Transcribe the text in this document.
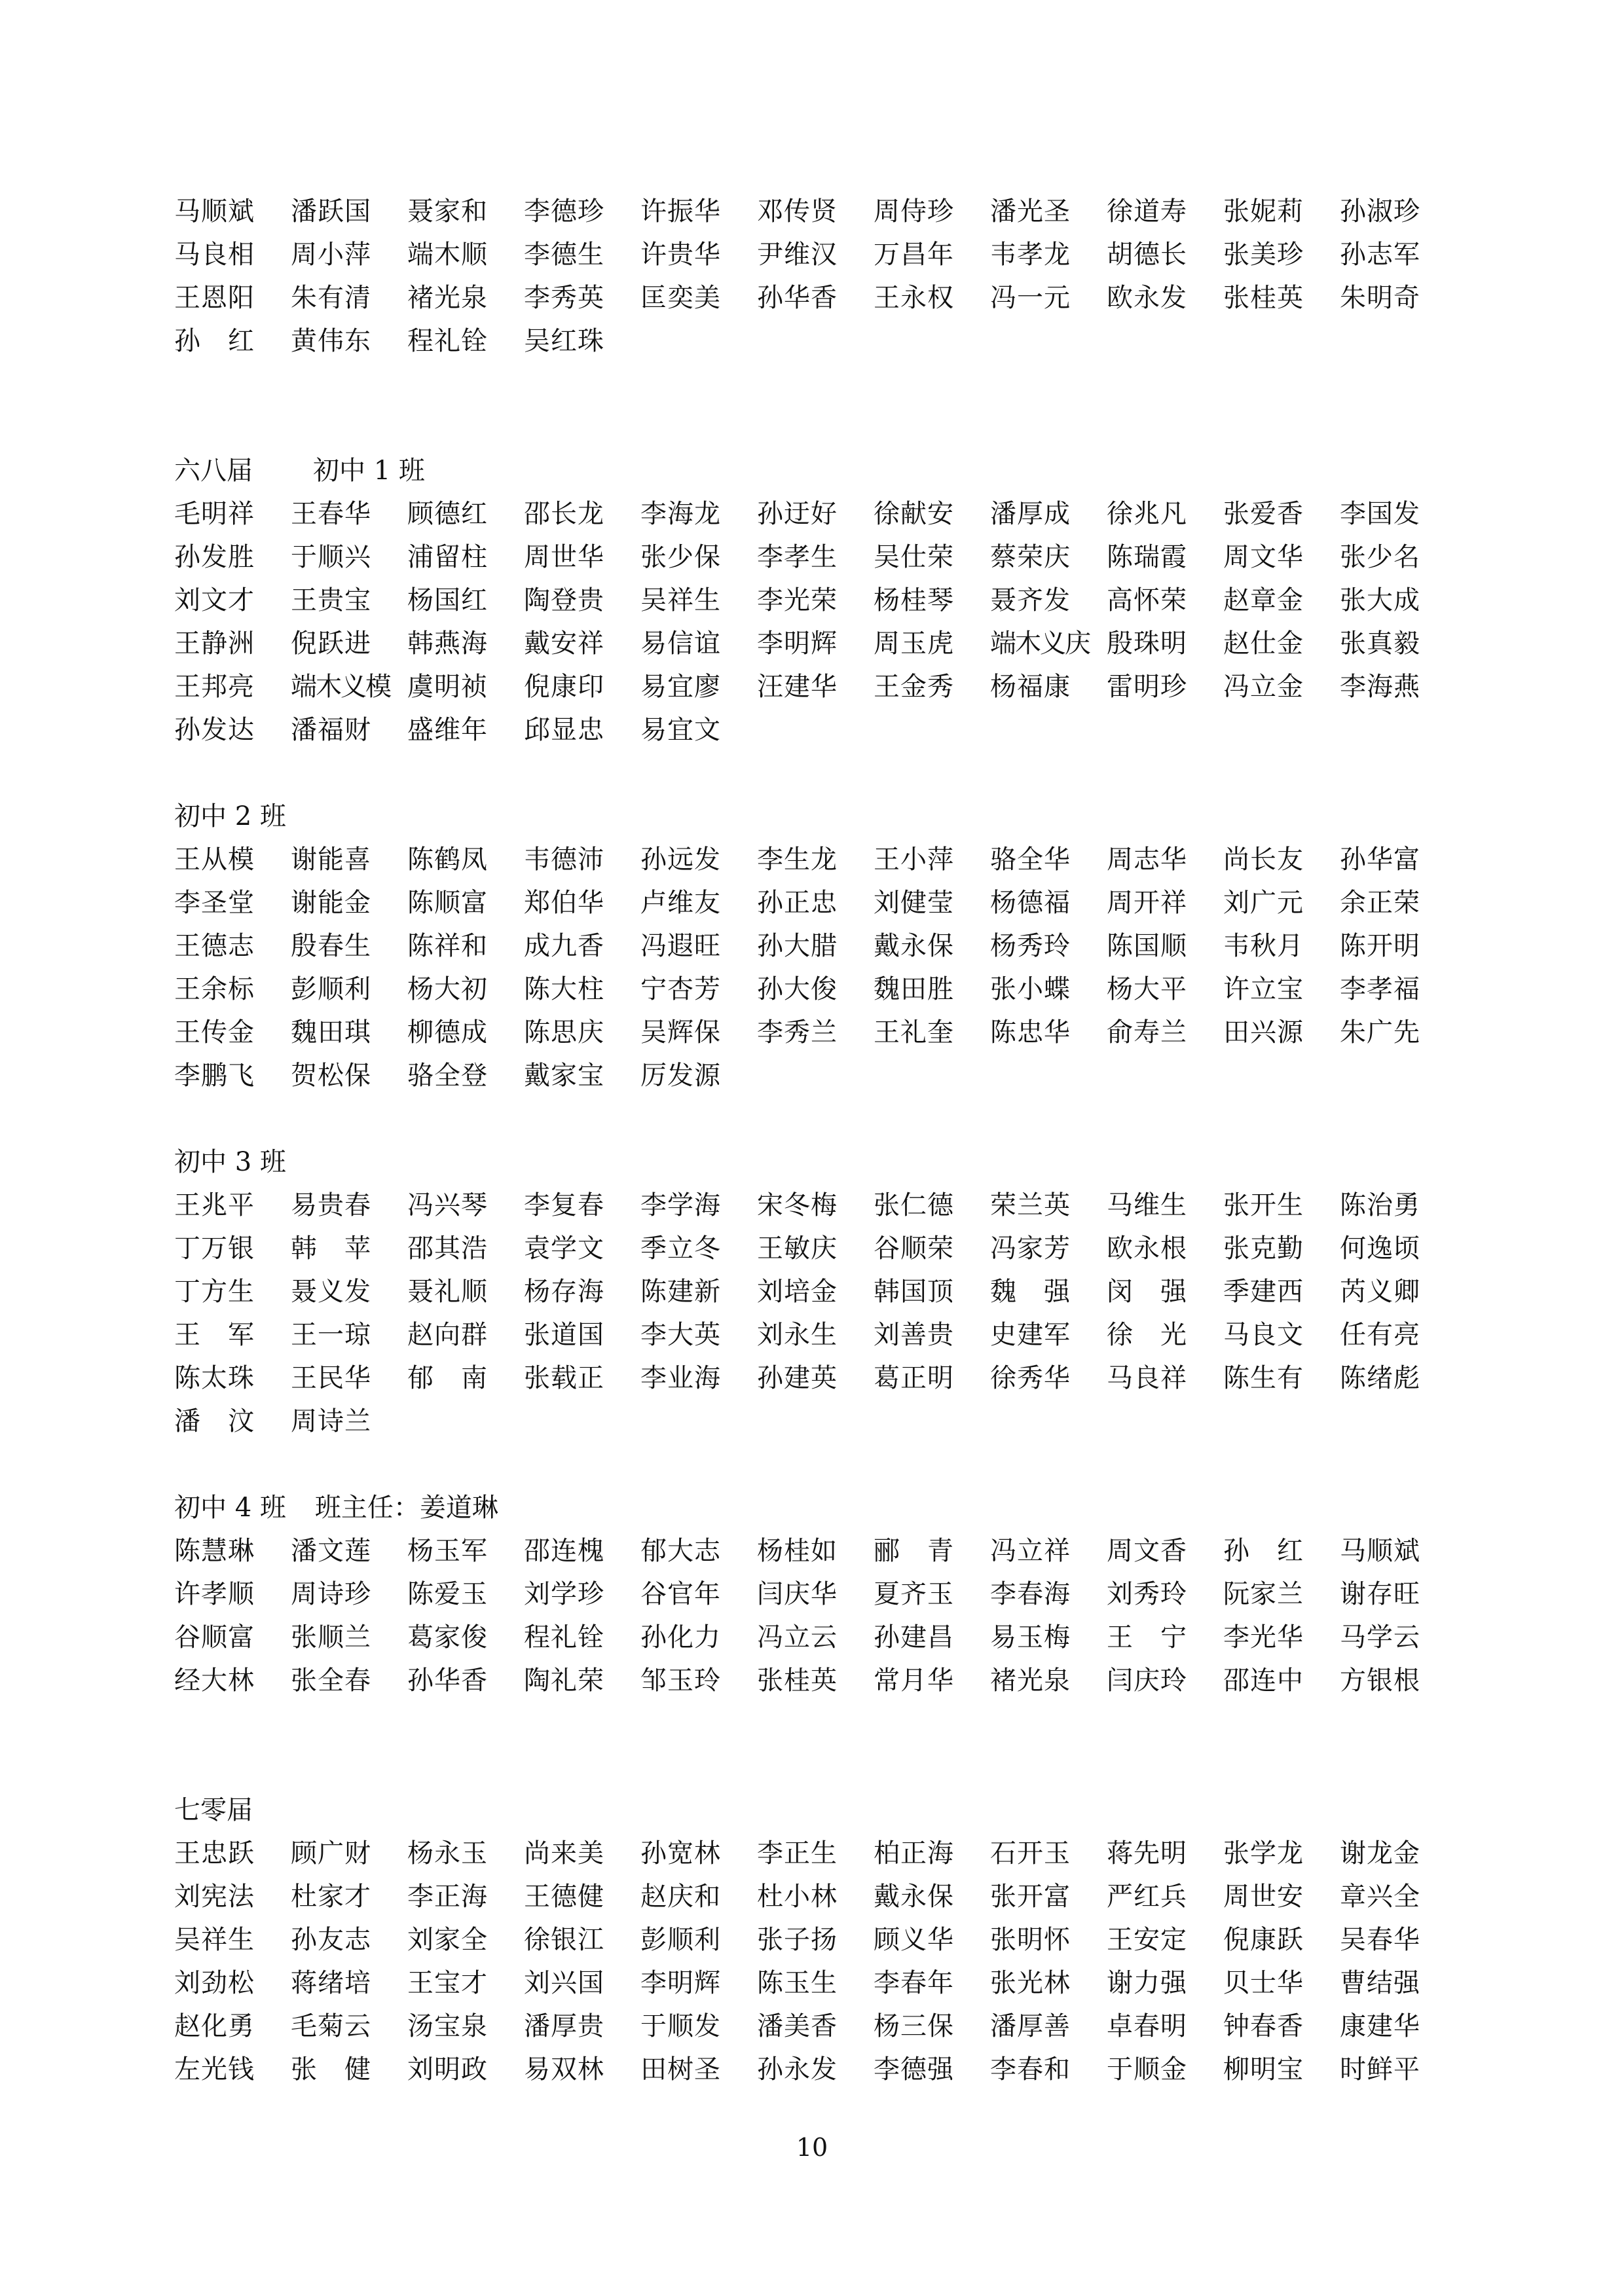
马顺斌	潘跃国	聂家和	李德珍	许振华	邓传贤	周侍珍	潘光圣	徐道寿	张妮莉	孙淑珍
马良相	周小萍	端木顺	李德生	许贵华	尹维汉	万昌年	韦孝龙	胡德长	张美珍	孙志军
王恩阳	朱有清	褚光泉	李秀英	匡奕美	孙华香	王永权	冯一元	欧永发	张桂英	朱明奇
孙　红	黄伟东	程礼铨	吴红珠
六八届 初中 1 班
毛明祥	王春华	顾德红	邵长龙	李海龙	孙迂好	徐献安	潘厚成	徐兆凡	张爱香	李国发
孙发胜	于顺兴	浦留柱	周世华	张少保	李孝生	吴仕荣	蔡荣庆	陈瑞霞	周文华	张少名
刘文才	王贵宝	杨国红	陶登贵	吴祥生	李光荣	杨桂琴	聂齐发	高怀荣	赵章金	张大成
王静洲	倪跃进	韩燕海	戴安祥	易信谊	李明辉	周玉虎	端木义庆 殷珠明	赵仕金	张真毅
王邦亮	端木义模 虞明祯	倪康印	易宜廖	汪建华	王金秀	杨福康	雷明珍	冯立金	李海燕
孙发达	潘福财	盛维年	邱显忠	易宜文
初中 2 班
王从模	谢能喜	陈鹤凤	韦德沛	孙远发	李生龙	王小萍	骆全华	周志华	尚长友	孙华富
李圣堂	谢能金	陈顺富	郑伯华	卢维友	孙正忠	刘健莹	杨德福	周开祥	刘广元	余正荣
王德志	殷春生	陈祥和	成九香	冯遐旺	孙大腊	戴永保	杨秀玲	陈国顺	韦秋月	陈开明
王余标	彭顺利	杨大初	陈大柱	宁杏芳	孙大俊	魏田胜	张小蝶	杨大平	许立宝	李孝福
王传金	魏田琪	柳德成	陈思庆	吴辉保	李秀兰	王礼奎	陈忠华	俞寿兰	田兴源	朱广先
李鹏飞	贺松保	骆全登	戴家宝	厉发源
初中 3 班
王兆平	易贵春	冯兴琴	李复春	李学海	宋冬梅	张仁德	荣兰英	马维生	张开生	陈治勇
丁万银	韩　苹	邵其浩	袁学文	季立冬	王敏庆	谷顺荣	冯家芳	欧永根	张克勤	何逸顷
丁方生	聂义发	聂礼顺	杨存海	陈建新	刘培金	韩国顶	魏　强	闵　强	季建西	芮义卿
王　军	王一琼	赵向群	张道国	李大英	刘永生	刘善贵	史建军	徐　光	马良文	任有亮
陈太珠	王民华	郁　南	张载正	李业海	孙建英	葛正明	徐秀华	马良祥	陈生有	陈绪彪
潘　汶	周诗兰
初中 4 班 班主任：姜道琳
陈慧琳	潘文莲	杨玉军	邵连槐	郁大志	杨桂如	郦　青	冯立祥	周文香	孙　红	马顺斌
许孝顺	周诗珍	陈爱玉	刘学珍	谷官年	闫庆华	夏齐玉	李春海	刘秀玲	阮家兰	谢存旺
谷顺富	张顺兰	葛家俊	程礼铨	孙化力	冯立云	孙建昌	易玉梅	王　宁	李光华	马学云
经大林	张全春	孙华香	陶礼荣	邹玉玲	张桂英	常月华	褚光泉	闫庆玲	邵连中	方银根
七零届
王忠跃	顾广财	杨永玉	尚来美	孙宽林	李正生	柏正海	石开玉	蒋先明	张学龙	谢龙金
刘宪法	杜家才	李正海	王德健	赵庆和	杜小林	戴永保	张开富	严红兵	周世安	章兴全
吴祥生	孙友志	刘家全	徐银江	彭顺利	张子扬	顾义华	张明怀	王安定	倪康跃	吴春华
刘劲松	蒋绪培	王宝才	刘兴国	李明辉	陈玉生	李春年	张光林	谢力强	贝士华	曹结强
赵化勇	毛菊云	汤宝泉	潘厚贵	于顺发	潘美香	杨三保	潘厚善	卓春明	钟春香	康建华
左光钱	张　健	刘明政	易双林	田树圣	孙永发	李德强	李春和	于顺金	柳明宝	时鲜平
10
